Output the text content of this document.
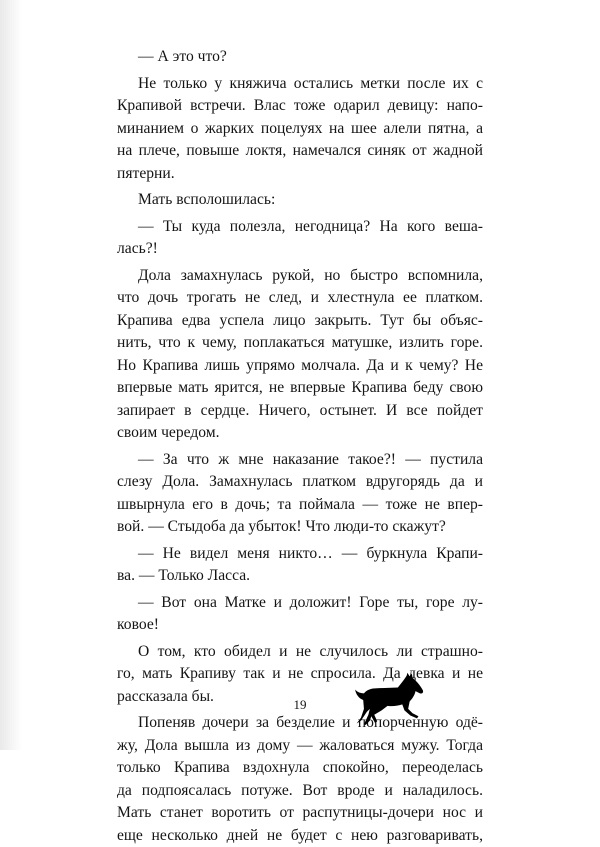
— А это что?

Не только у княжича остались метки после их с
Крапивой встречи. Влас тоже одарил девицу: напо-
минанием о жарких поцелуях на шее алели пятна, а
на плече, повыше локтя, намечался синяк от жадной
пятерни.

Мать всполошилась:

— Ты куда полезла, негодница? На кого веша-
лась?!

Дола замахнулась рукой, но быстро вспомнила,
что дочь трогать не след, и хлестнула ее платком.
Крапива едва успела лицо закрыть. Тут бы объяс-
нить, что к чему, поплакаться матушке, излить горе.
Но Крапива лишь упрямо молчала. Да и к чему? Не
впервые мать ярится, не впервые Крапива беду свою
запирает в сердце. Ничего, остынет. И все пойдет
своим чередом.

— За что ж мне наказание такое?! — пустила
слезу Дола. Замахнулась платком вдругорядь да и
швырнула его в дочь; та поймала — тоже не впер-
вой. — Стыдоба да убыток! Что люди-то скажут?

— Не видел меня никто… — буркнула Крапи-
ва. — Только Ласса.

— Вот она Матке и доложит! Горе ты, горе лу-
ковое!

О том, кто обидел и не случилось ли страшно-
го, мать Крапиву так и не спросила. Да девка и не
рассказала бы.

Попеняв дочери за безделие и попорченную одё-
жу, Дола вышла из дому — жаловаться мужу. Тогда
только Крапива вздохнула спокойно, переоделась
да подпоясалась потуже. Вот вроде и наладилось.
Мать станет воротить от распутницы-дочери нос и
еще несколько дней не будет с нею разговаривать,

19
